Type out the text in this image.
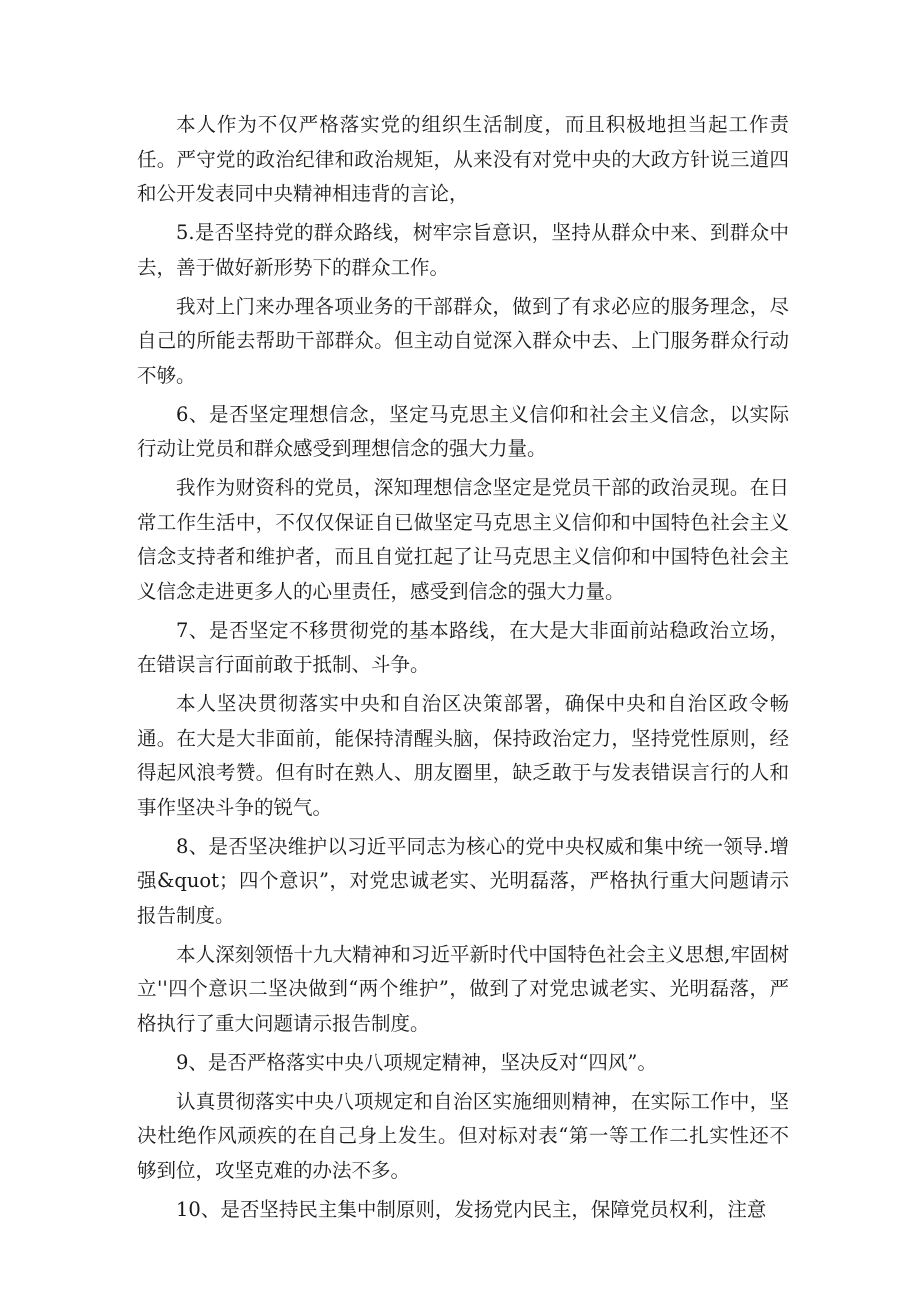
本人作为不仅严格落实党的组织生活制度，而且积极地担当起工作责任。严守党的政治纪律和政治规矩，从来没有对党中央的大政方针说三道四和公开发表同中央精神相违背的言论，

5.是否坚持党的群众路线，树牢宗旨意识，坚持从群众中来、到群众中去，善于做好新形势下的群众工作。

我对上门来办理各项业务的干部群众，做到了有求必应的服务理念，尽自己的所能去帮助干部群众。但主动自觉深入群众中去、上门服务群众行动不够。

6、是否坚定理想信念，坚定马克思主义信仰和社会主义信念，以实际行动让党员和群众感受到理想信念的强大力量。

我作为财资科的党员，深知理想信念坚定是党员干部的政治灵现。在日常工作生活中，不仅仅保证自已做坚定马克思主义信仰和中国特色社会主义信念支持者和维护者，而且自觉扛起了让马克思主义信仰和中国特色社会主义信念走进更多人的心里责任，感受到信念的强大力量。

7、是否坚定不移贯彻党的基本路线，在大是大非面前站稳政治立场，在错误言行面前敢于抵制、斗争。

本人坚决贯彻落实中央和自治区决策部署，确保中央和自治区政令畅通。在大是大非面前，能保持清醒头脑，保持政治定力，坚持党性原则，经得起风浪考赞。但有时在熟人、朋友圈里，缺乏敢于与发表错误言行的人和事作坚决斗争的锐气。

8、是否坚决维护以习近平同志为核心的党中央权威和集中统一领导.增强&quot；四个意识”，对党忠诚老实、光明磊落，严格执行重大问题请示报告制度。

本人深刻领悟十九大精神和习近平新时代中国特色社会主义思想,牢固树立''四个意识二坚决做到“两个维护”，做到了对党忠诚老实、光明磊落，严格执行了重大问题请示报告制度。

9、是否严格落实中央八项规定精神，坚决反对“四风”。

认真贯彻落实中央八项规定和自治区实施细则精神，在实际工作中，坚决杜绝作风顽疾的在自己身上发生。但对标对表“第一等工作二扎实性还不够到位，攻坚克难的办法不多。

10、是否坚持民主集中制原则，发扬党内民主，保障党员权利，注意
